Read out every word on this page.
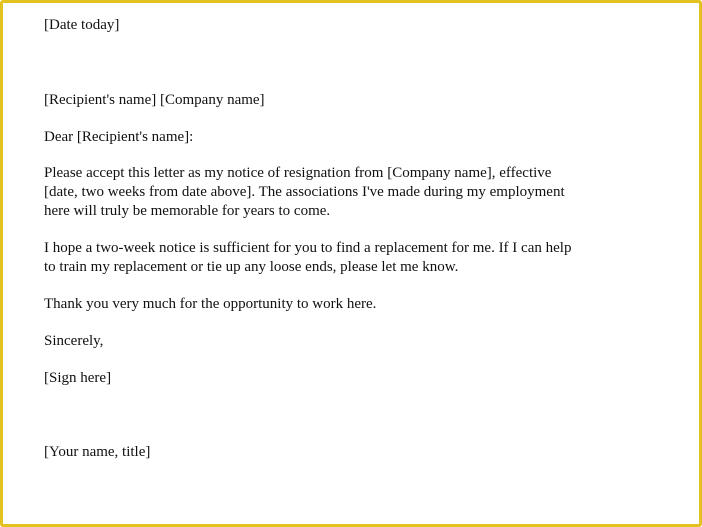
[Date today]

[Recipient's name] [Company name]

Dear [Recipient's name]:

Please accept this letter as my notice of resignation from [Company name], effective

[date, two weeks from date above]. The associations I've made during my employment

here will truly be memorable for years to come.

I hope a two-week notice is sufficient for you to find a replacement for me. If I can help

to train my replacement or tie up any loose ends, please let me know.

Thank you very much for the opportunity to work here.

Sincerely,

[Sign here]

[Your name, title]
